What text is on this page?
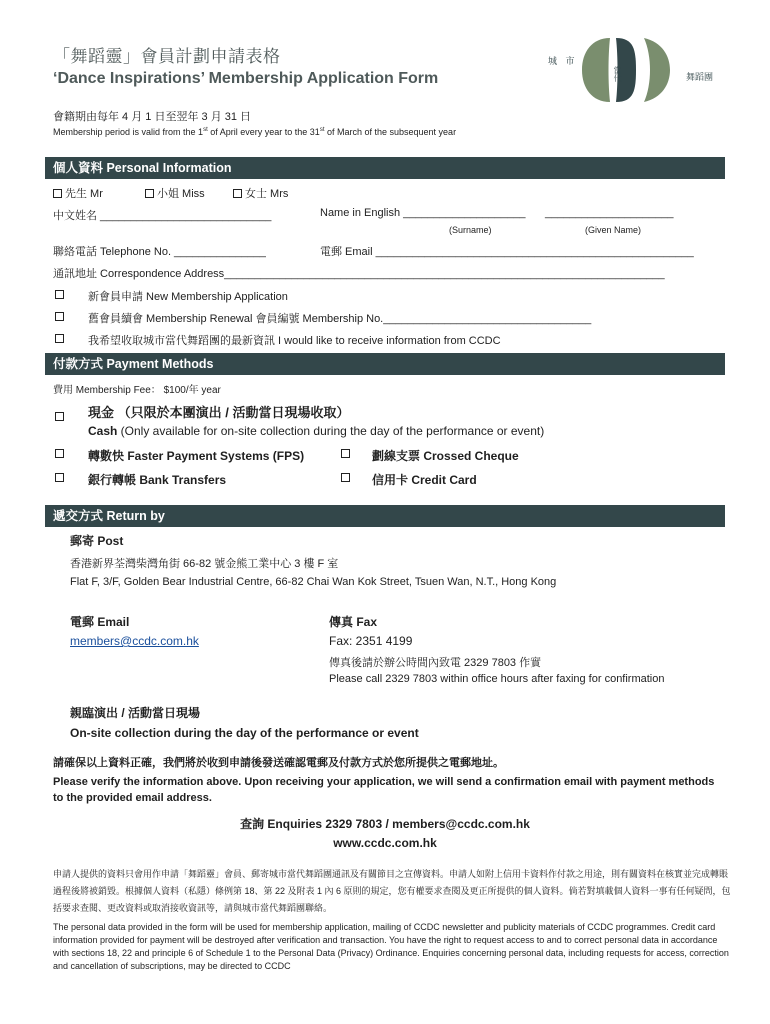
「舞蹈靈」會員計劃申請表格
‘Dance Inspirations’ Membership Application Form
會籍期由每年 4 月 1 日至翌年 3 月 31 日
Membership period is valid from the 1st of April every year to the 31st of March of the subsequent year
城 市
當代	舞蹈團
個人資料 Personal Information
先生 Mr	小姐 Miss	女士 Mrs
中文姓名 ____________________________	Name in English ____________________ _____________________
(Surname)	(Given Name)
聯絡電話 Telephone No. _______________	電郵 Email ____________________________________________________
通訊地址 Correspondence Address________________________________________________________________________
新會員申請 New Membership Application
舊會員續會 Membership Renewal 會員編號 Membership No.__________________________________
我希望收取城市當代舞蹈團的最新資訊 I would like to receive information from CCDC
付款方式 Payment Methods
費用 Membership Fee： $100/年 year
現金 （只限於本團演出 / 活動當日現場收取）
Cash (Only available for on-site collection during the day of the performance or event)
轉數快 Faster Payment Systems (FPS)	劃線支票 Crossed Cheque
銀行轉帳 Bank Transfers	信用卡 Credit Card
遞交方式 Return by
郵寄 Post
香港新界荃灣柴灣角街 66-82 號金熊工業中心 3 樓 F 室
Flat F, 3/F, Golden Bear Industrial Centre, 66-82 Chai Wan Kok Street, Tsuen Wan, N.T., Hong Kong
電郵 Email
members@ccdc.com.hk
傳真 Fax
Fax: 2351 4199
傳真後請於辦公時間內致電 2329 7803 作實
Please call 2329 7803 within office hours after faxing for confirmation
親臨演出 / 活動當日現場
On-site collection during the day of the performance or event
請確保以上資料正確，我們將於收到申請後發送確認電郵及付款方式於您所提供之電郵地址。
Please verify the information above. Upon receiving your application, we will send a confirmation email with payment methods
to the provided email address.
查詢 Enquiries 2329 7803 / members@ccdc.com.hk
www.ccdc.com.hk
申請人提供的資料只會用作申請「舞蹈靈」會員、郵寄城市當代舞蹈團通訊及有關節目之宣傳資料。申請人如附上信用卡資料作付款之用途，則有關資料在核實並完成轉賬過程後將被銷毀。根據個人資料（私隱）條例第 18、第 22 及附表 1 內 6 原則的規定，您有權要求查閱及更正所提供的個人資料。倘若對填載個人資料一事有任何疑問，包括要求查閱、更改資料或取消接收資訊等，請與城市當代舞蹈團聯絡。
The personal data provided in the form will be used for membership application, mailing of CCDC newsletter and publicity materials of CCDC programmes. Credit card information provided for payment will be destroyed after verification and transaction. You have the right to request access to and to correct personal data in accordance with sections 18, 22 and principle 6 of Schedule 1 to the Personal Data (Privacy) Ordinance. Enquiries concerning personal data, including requests for access, correction and cancellation of subscriptions, may be directed to CCDC
